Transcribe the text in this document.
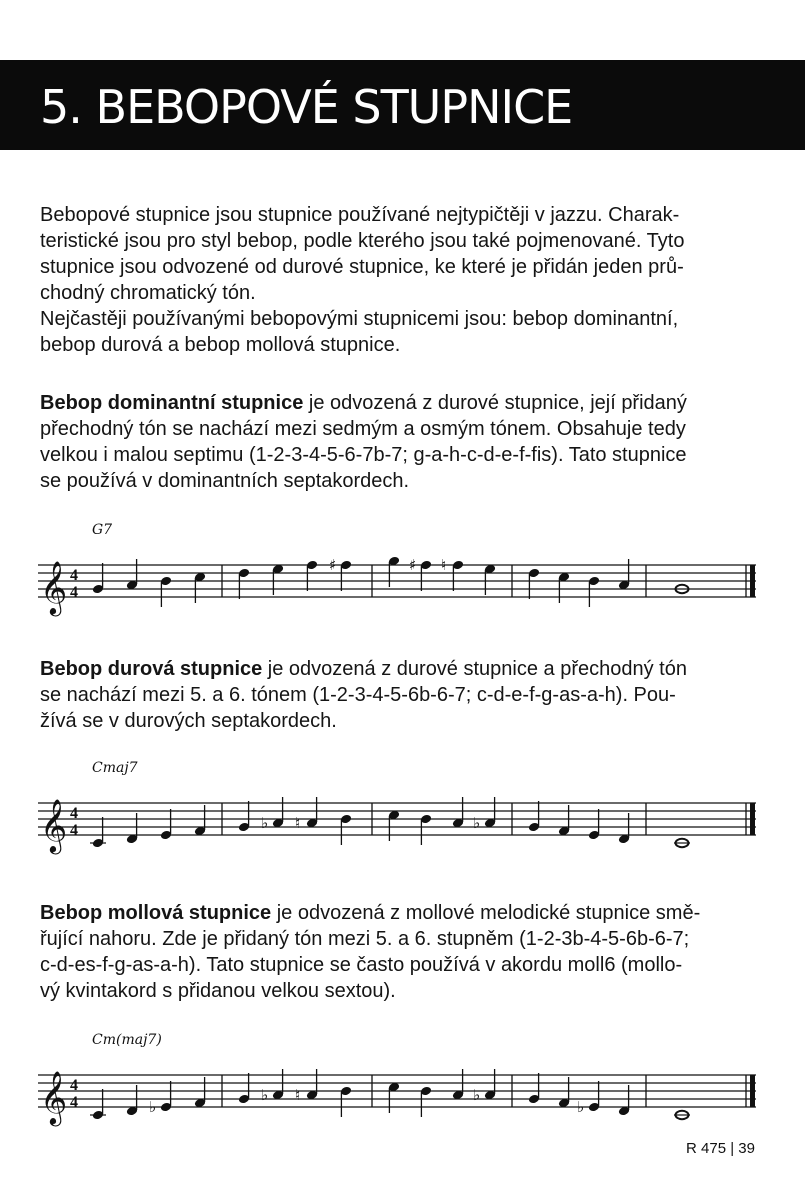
5. BEBOPOVÉ STUPNICE

Bebopové stupnice jsou stupnice používané nejtypičtěji v jazzu. Charak-
teristické jsou pro styl bebop, podle kterého jsou také pojmenované. Tyto
stupnice jsou odvozené od durové stupnice, ke které je přidán jeden prů-
chodný chromatický tón.
Nejčastěji používanými bebopovými stupnicemi jsou: bebop dominantní,
bebop durová a bebop mollová stupnice.

Bebop dominantní stupnice je odvozená z durové stupnice, její přidaný
přechodný tón se nachází mezi sedmým a osmým tónem. Obsahuje tedy
velkou i malou septimu (1-2-3-4-5-6-7b-7; g-a-h-c-d-e-f-fis). Tato stupnice
se používá v dominantních septakordech.

G7
𝄞 4
4
♯	♯ ♮

Bebop durová stupnice je odvozená z durové stupnice a přechodný tón
se nachází mezi 5. a 6. tónem (1-2-3-4-5-6b-6-7; c-d-e-f-g-as-a-h). Pou-
žívá se v durových septakordech.

Cmaj7
𝄞 4
4	♭ ♮	♭

Bebop mollová stupnice je odvozená z mollové melodické stupnice smě-
řující nahoru. Zde je přidaný tón mezi 5. a 6. stupněm (1-2-3b-4-5-6b-6-7;
c-d-es-f-g-as-a-h). Tato stupnice se často používá v akordu moll6 (mollo-
vý kvintakord s přidanou velkou sextou).

Cm(maj7)
𝄞 4
4	♭
♭ ♮	♭
♭
R 475 | 39
